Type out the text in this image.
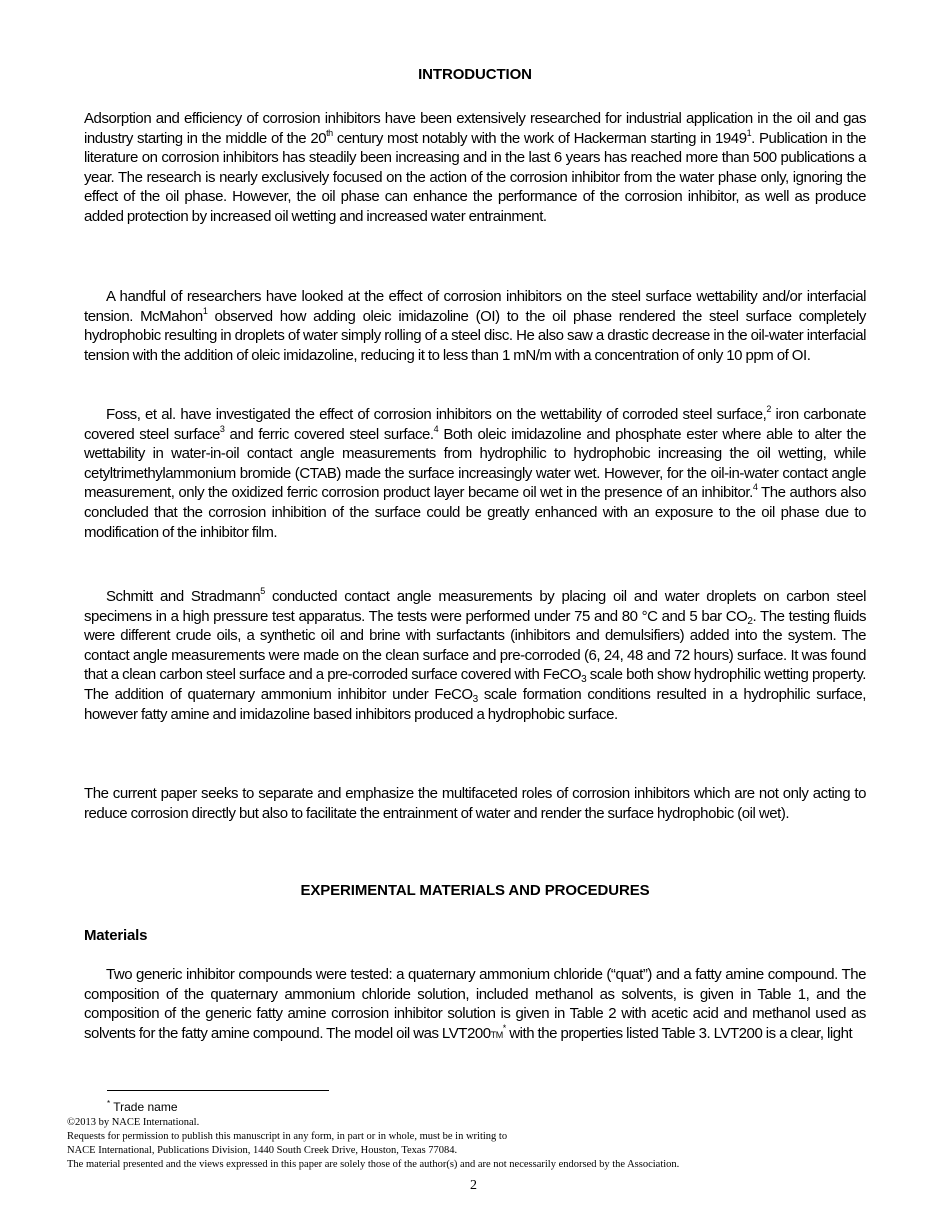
INTRODUCTION
Adsorption and efficiency of corrosion inhibitors have been extensively researched for industrial application in the oil and gas industry starting in the middle of the 20th century most notably with the work of Hackerman starting in 1949$^1$. Publication in the literature on corrosion inhibitors has steadily been increasing and in the last 6 years has reached more than 500 publications a year. The research is nearly exclusively focused on the action of the corrosion inhibitor from the water phase only, ignoring the effect of the oil phase. However, the oil phase can enhance the performance of the corrosion inhibitor, as well as produce added protection by increased oil wetting and increased water entrainment.
A handful of researchers have looked at the effect of corrosion inhibitors on the steel surface wettability and/or interfacial tension. McMahon$^1$ observed how adding oleic imidazoline (OI) to the oil phase rendered the steel surface completely hydrophobic resulting in droplets of water simply rolling of a steel disc. He also saw a drastic decrease in the oil-water interfacial tension with the addition of oleic imidazoline, reducing it to less than 1 mN/m with a concentration of only 10 ppm of OI.
Foss, et al. have investigated the effect of corrosion inhibitors on the wettability of corroded steel surface,$^2$ iron carbonate covered steel surface$^3$ and ferric covered steel surface.$^4$ Both oleic imidazoline and phosphate ester where able to alter the wettability in water-in-oil contact angle measurements from hydrophilic to hydrophobic increasing the oil wetting, while cetyltrimethylammonium bromide (CTAB) made the surface increasingly water wet. However, for the oil-in-water contact angle measurement, only the oxidized ferric corrosion product layer became oil wet in the presence of an inhibitor.$^4$ The authors also concluded that the corrosion inhibition of the surface could be greatly enhanced with an exposure to the oil phase due to modification of the inhibitor film.
Schmitt and Stradmann$^5$ conducted contact angle measurements by placing oil and water droplets on carbon steel specimens in a high pressure test apparatus. The tests were performed under 75 and 80 °C and 5 bar $CO_2$. The testing fluids were different crude oils, a synthetic oil and brine with surfactants (inhibitors and demulsifiers) added into the system. The contact angle measurements were made on the clean surface and pre-corroded (6, 24, 48 and 72 hours) surface. It was found that a clean carbon steel surface and a pre-corroded surface covered with FeCO$_3$ scale both show hydrophilic wetting property. The addition of quaternary ammonium inhibitor under FeCO$_3$ scale formation conditions resulted in a hydrophilic surface, however fatty amine and imidazoline based inhibitors produced a hydrophobic surface.
The current paper seeks to separate and emphasize the multifaceted roles of corrosion inhibitors which are not only acting to reduce corrosion directly but also to facilitate the entrainment of water and render the surface hydrophobic (oil wet).
EXPERIMENTAL MATERIALS AND PROCEDURES
Materials
Two generic inhibitor compounds were tested: a quaternary ammonium chloride (“quat”) and a fatty amine compound. The composition of the quaternary ammonium chloride solution, included methanol as solvents, is given in Table 1, and the composition of the generic fatty amine corrosion inhibitor solution is given in Table 2 with acetic acid and methanol used as solvents for the fatty amine compound. The model oil was LVT200TM* with the properties listed Table 3. LVT200 is a clear, light
* Trade name
©2013 by NACE International.
Requests for permission to publish this manuscript in any form, in part or in whole, must be in writing to
NACE International, Publications Division, 1440 South Creek Drive, Houston, Texas 77084.
The material presented and the views expressed in this paper are solely those of the author(s) and are not necessarily endorsed by the Association.
2
